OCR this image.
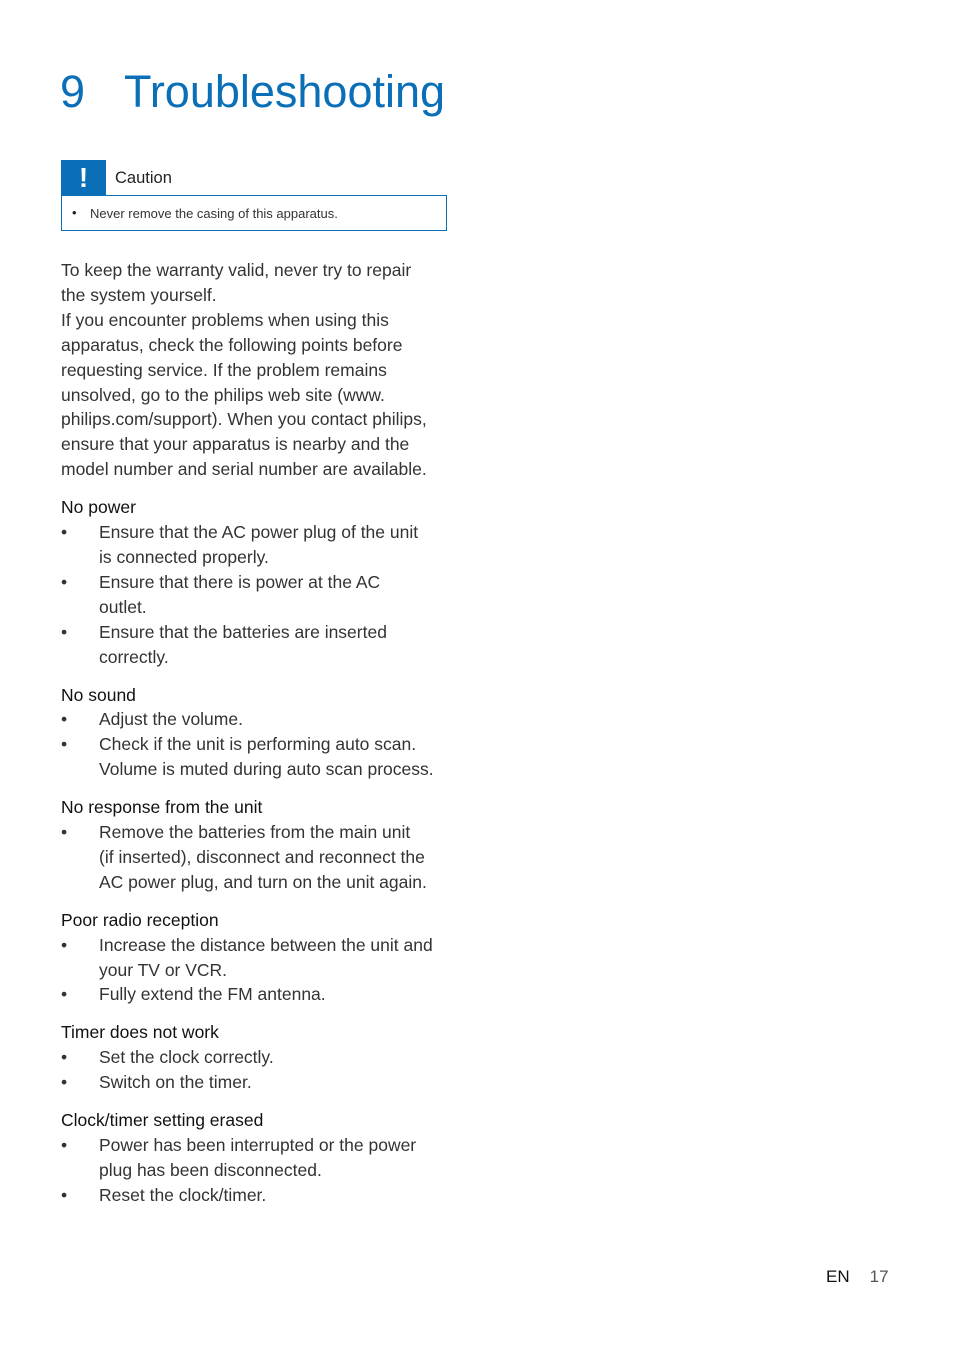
9 Troubleshooting
!	Caution
• Never remove the casing of this apparatus.
To keep the warranty valid, never try to repair
the system yourself.
If you encounter problems when using this
apparatus, check the following points before
requesting service. If the problem remains
unsolved, go to the philips web site (www.
philips.com/support). When you contact philips,
ensure that your apparatus is nearby and the
model number and serial number are available.
No power
• Ensure that the AC power plug of the unit
is connected properly.
• Ensure that there is power at the AC
outlet.
• Ensure that the batteries are inserted
correctly.
No sound
• Adjust the volume.
• Check if the unit is performing auto scan.
Volume is muted during auto scan process.
No response from the unit
• Remove the batteries from the main unit
(if inserted), disconnect and reconnect the
AC power plug, and turn on the unit again.
Poor radio reception
• Increase the distance between the unit and
your TV or VCR.
• Fully extend the FM antenna.
Timer does not work
• Set the clock correctly.
• Switch on the timer.
Clock/timer setting erased
• Power has been interrupted or the power
plug has been disconnected.
• Reset the clock/timer.
EN 17
